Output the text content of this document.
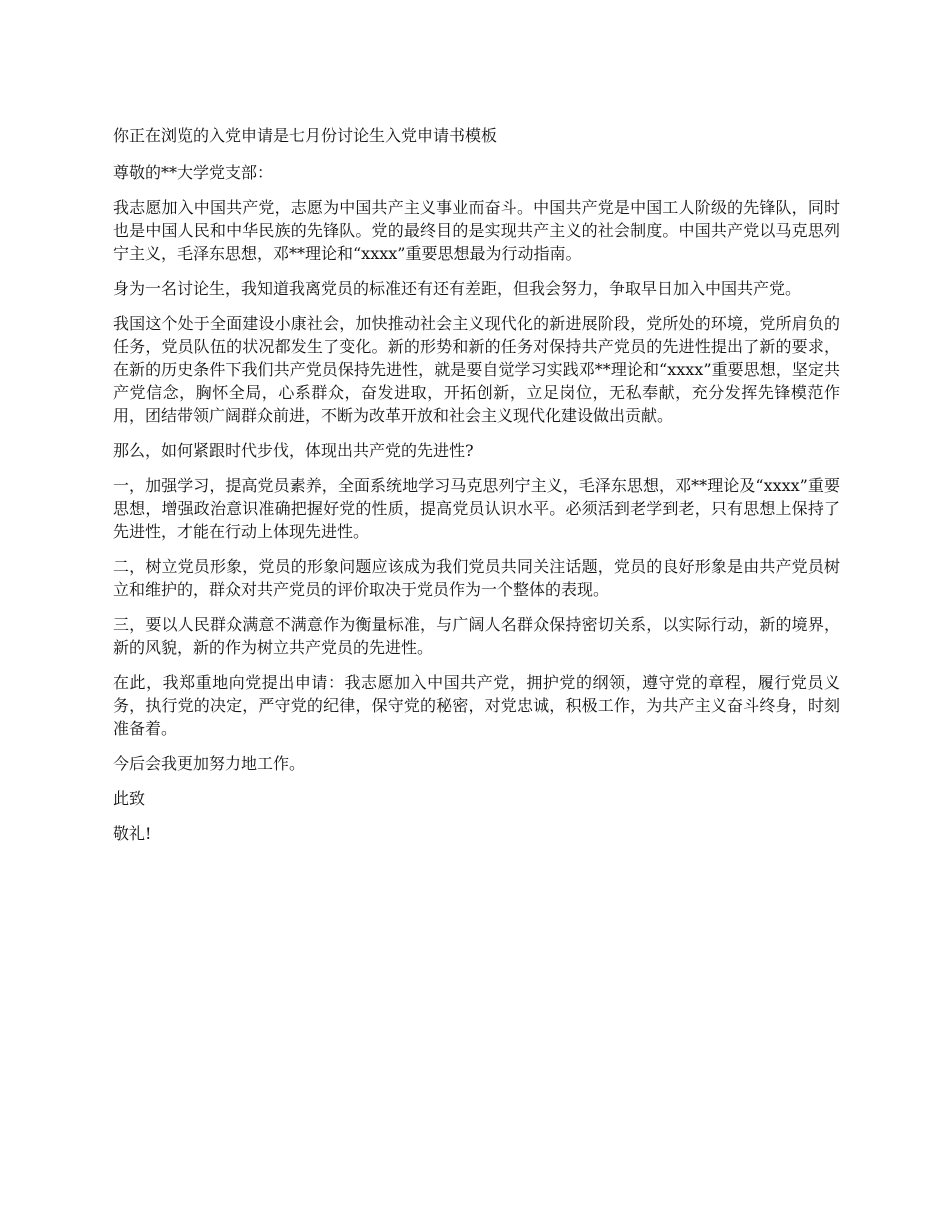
你正在浏览的入党申请是七月份讨论生入党申请书模板

尊敬的**大学党支部：

我志愿加入中国共产党，志愿为中国共产主义事业而奋斗。中国共产党是中国工人阶级的先锋队，同时也是中国人民和中华民族的先锋队。党的最终目的是实现共产主义的社会制度。中国共产党以马克思列宁主义，毛泽东思想，邓**理论和“xxxx”重要思想最为行动指南。

身为一名讨论生，我知道我离党员的标准还有还有差距，但我会努力，争取早日加入中国共产党。

我国这个处于全面建设小康社会，加快推动社会主义现代化的新进展阶段，党所处的环境，党所肩负的任务，党员队伍的状况都发生了变化。新的形势和新的任务对保持共产党员的先进性提出了新的要求，在新的历史条件下我们共产党员保持先进性，就是要自觉学习实践邓**理论和“xxxx”重要思想，坚定共产党信念，胸怀全局，心系群众，奋发进取，开拓创新，立足岗位，无私奉献，充分发挥先锋模范作用，团结带领广阔群众前进，不断为改革开放和社会主义现代化建设做出贡献。

那么，如何紧跟时代步伐，体现出共产党的先进性?

一，加强学习，提高党员素养，全面系统地学习马克思列宁主义，毛泽东思想，邓**理论及“xxxx”重要思想，增强政治意识准确把握好党的性质，提高党员认识水平。必须活到老学到老，只有思想上保持了先进性，才能在行动上体现先进性。

二，树立党员形象，党员的形象问题应该成为我们党员共同关注话题，党员的良好形象是由共产党员树立和维护的，群众对共产党员的评价取决于党员作为一个整体的表现。

三，要以人民群众满意不满意作为衡量标准，与广阔人名群众保持密切关系，以实际行动，新的境界，新的风貌，新的作为树立共产党员的先进性。

在此，我郑重地向党提出申请：我志愿加入中国共产党，拥护党的纲领，遵守党的章程，履行党员义务，执行党的决定，严守党的纪律，保守党的秘密，对党忠诚，积极工作，为共产主义奋斗终身，时刻准备着。

今后会我更加努力地工作。

此致

敬礼!
